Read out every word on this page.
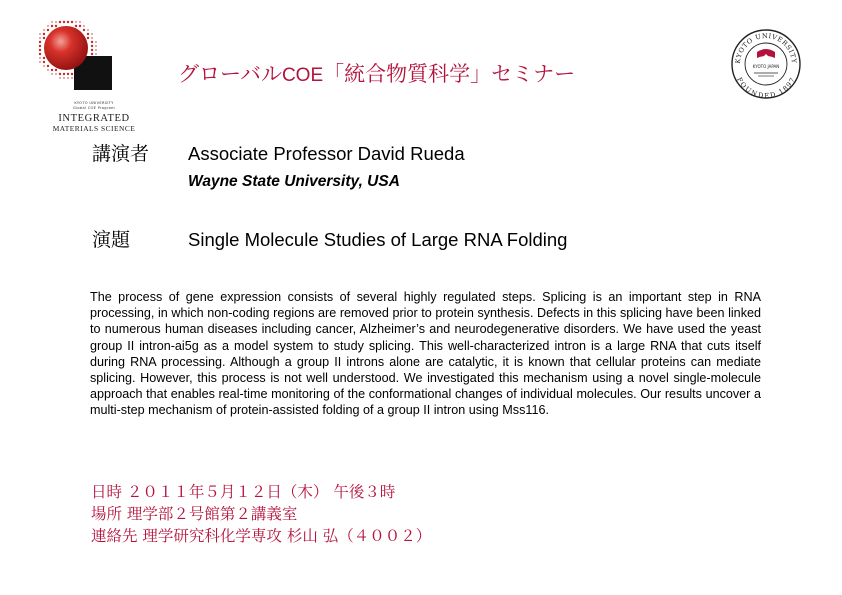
KYOTO UNIVERSITY
Global COE Program
INTEGRATED
MATERIALS SCIENCE
グローバルCOE「統合物質科学」セミナー
KYOTO UNIVERSITY
FOUNDED 1897
KYOTO JAPAN
講演者 Associate Professor David Rueda
Wayne State University, USA
演題	Single Molecule Studies of Large RNA Folding

The process of gene expression consists of several highly regulated steps. Splicing is an important step in RNA processing, in which non-coding regions are removed prior to protein synthesis. Defects in this splicing have been linked to numerous human diseases including cancer, Alzheimer’s and neurodegenerative disorders. We have used the yeast group II intron-ai5g as a model system to study splicing. This well-characterized intron is a large RNA that cuts itself during RNA processing. Although a group II introns alone are catalytic, it is known that cellular proteins can mediate splicing. However, this process is not well understood. We investigated this mechanism using a novel single-molecule approach that enables real-time monitoring of the conformational changes of individual molecules. Our results uncover a multi-step mechanism of protein-assisted folding of a group II intron using Mss116.

日時 ２０１１年５月１２日（木） 午後３時
場所 理学部２号館第２講義室
連絡先 理学研究科化学専攻 杉山 弘（４００２）
